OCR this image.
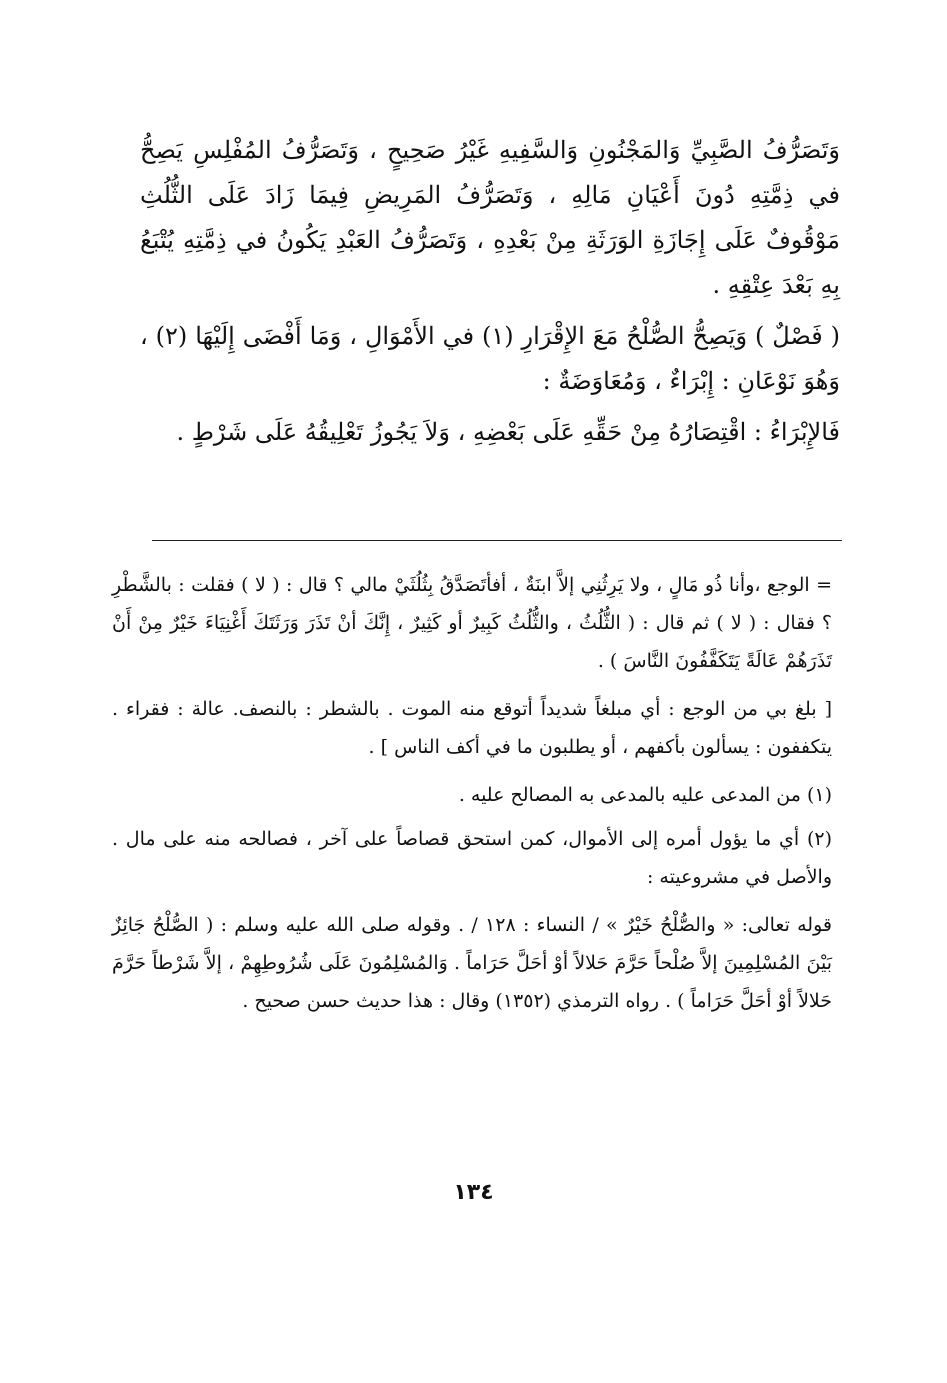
وَتَصَرُّفُ الصَّبِيِّ وَالمَجْنُونِ وَالسَّفِيهِ غَيْرُ صَحِيحٍ ، وَتَصَرُّفُ المُفْلِسِ يَصِحُّ في ذِمَّتِهِ دُونَ أَعْيَانِ مَالِهِ ، وَتَصَرُّفُ المَرِيضِ فِيمَا زَادَ عَلَى الثُّلُثِ مَوْقُوفٌ عَلَى إِجَازَةِ الوَرَثَةِ مِنْ بَعْدِهِ ، وَتَصَرُّفُ العَبْدِ يَكُونُ في ذِمَّتِهِ يُتْبَعُ بِهِ بَعْدَ عِتْقِهِ .

( فَصْلٌ ) وَيَصِحُّ الصُّلْحُ مَعَ الإِقْرَارِ (١) في الأَمْوَالِ ، وَمَا أَفْضَى إِلَيْهَا (٢) ، وَهُوَ نَوْعَانِ : إِبْرَاءٌ ، وَمُعَاوَضَةٌ :

فَالإِبْرَاءُ : اقْتِصَارُهُ مِنْ حَقِّهِ عَلَى بَعْضِهِ ، وَلاَ يَجُوزُ تَعْلِيقُهُ عَلَى شَرْطٍ .

= الوجع ،وأنا ذُو مَالٍ ، ولا يَرِثُنِي إلاَّ ابنَةٌ ، أفأتَصَدَّقُ بِثُلُثَيْ مالي ؟ قال : ( لا ) فقلت : بالشَّطْرِ ؟ فقال : ( لا ) ثم قال : ( الثُّلُثُ ، والثُّلُثُ كَبِيرٌ أو كَثِيرٌ ، إِنَّكَ أنْ تَذَرَ وَرَثَتَكَ أَغْنِيَاءَ خَيْرٌ مِنْ أَنْ تَذَرَهُمْ عَالَةً يَتَكَفَّفُونَ النَّاسَ ) .

[ بلغ بي من الوجع : أي مبلغاً شديداً أتوقع منه الموت . بالشطر : بالنصف. عالة : فقراء . يتكففون : يسألون بأكفهم ، أو يطلبون ما في أكف الناس ] .

(١) من المدعى عليه بالمدعى به المصالح عليه .

(٢) أي ما يؤول أمره إلى الأموال، كمن استحق قصاصاً على آخر ، فصالحه منه على مال . والأصل في مشروعيته :

قوله تعالى: « والصُّلْحُ خَيْرٌ » / النساء : ١٢٨ / . وقوله صلى الله عليه وسلم : ( الصُّلْحُ جَائِزٌ بَيْنَ المُسْلِمِينَ إلاَّ صُلْحاً حَرَّمَ حَلالاً أوْ أحَلَّ حَرَاماً . وَالمُسْلِمُونَ عَلَى شُرُوطِهِمْ ، إلاَّ شَرْطاً حَرَّمَ حَلالاً أوْ أحَلَّ حَرَاماً ) . رواه الترمذي (١٣٥٢) وقال : هذا حديث حسن صحيح .

١٣٤
